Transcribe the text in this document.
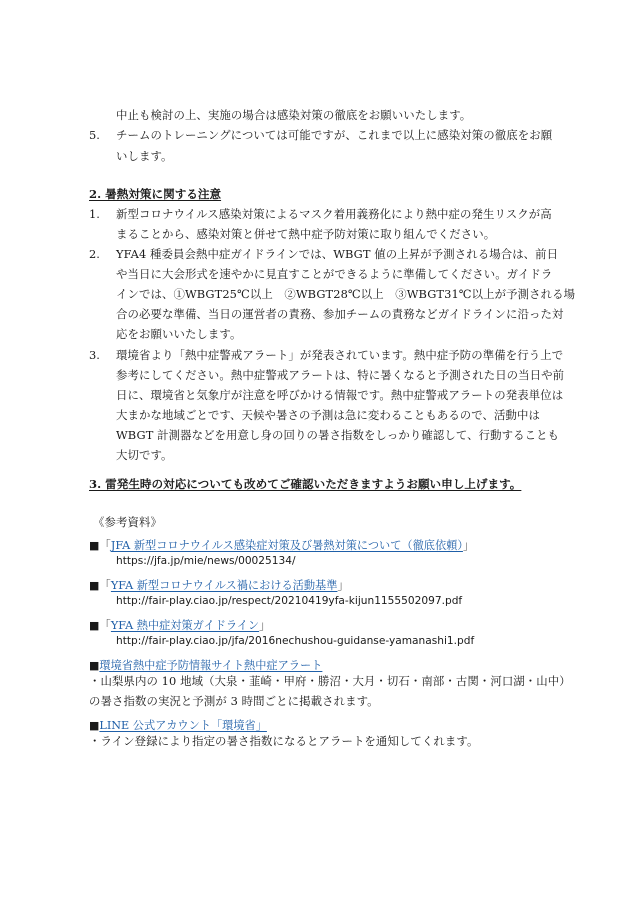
中止も検討の上、実施の場合は感染対策の徹底をお願いいたします。
5. チームのトレーニングについては可能ですが、これまで以上に感染対策の徹底をお願
いします。
2. 暑熱対策に関する注意
1. 新型コロナウイルス感染対策によるマスク着用義務化により熱中症の発生リスクが高
まることから、感染対策と併せて熱中症予防対策に取り組んでください。
2. YFA4 種委員会熱中症ガイドラインでは、WBGT 値の上昇が予測される場合は、前日
や当日に大会形式を速やかに見直すことができるように準備してください。ガイドラ
インでは、①WBGT25℃以上　②WBGT28℃以上　③WBGT31℃以上が予測される場
合の必要な準備、当日の運営者の責務、参加チームの責務などガイドラインに沿った対
応をお願いいたします。
3. 環境省より「熱中症警戒アラート」が発表されています。熱中症予防の準備を行う上で
参考にしてください。熱中症警戒アラートは、特に暑くなると予測された日の当日や前
日に、環境省と気象庁が注意を呼びかける情報です。熱中症警戒アラートの発表単位は
大まかな地域ごとです、天候や暑さの予測は急に変わることもあるので、活動中は
WBGT 計測器などを用意し身の回りの暑さ指数をしっかり確認して、行動することも
大切です。
3. 雷発生時の対応についても改めてご確認いただきますようお願い申し上げます。
《参考資料》
■「JFA 新型コロナウイルス感染症対策及び暑熱対策について（徹底依頼）」
https://jfa.jp/mie/news/00025134/
■「YFA 新型コロナウイルス禍における活動基準」
http://fair-play.ciao.jp/respect/20210419yfa-kijun1155502097.pdf
■「YFA 熱中症対策ガイドライン」
http://fair-play.ciao.jp/jfa/2016nechushou-guidanse-yamanashi1.pdf
■環境省熱中症予防情報サイト熱中症アラート
・山梨県内の 10 地域（大泉・韮崎・甲府・勝沼・大月・切石・南部・古関・河口湖・山中）
の暑さ指数の実況と予測が 3 時間ごとに掲載されます。
■LINE 公式アカウント「環境省」
・ライン登録により指定の暑さ指数になるとアラートを通知してくれます。
